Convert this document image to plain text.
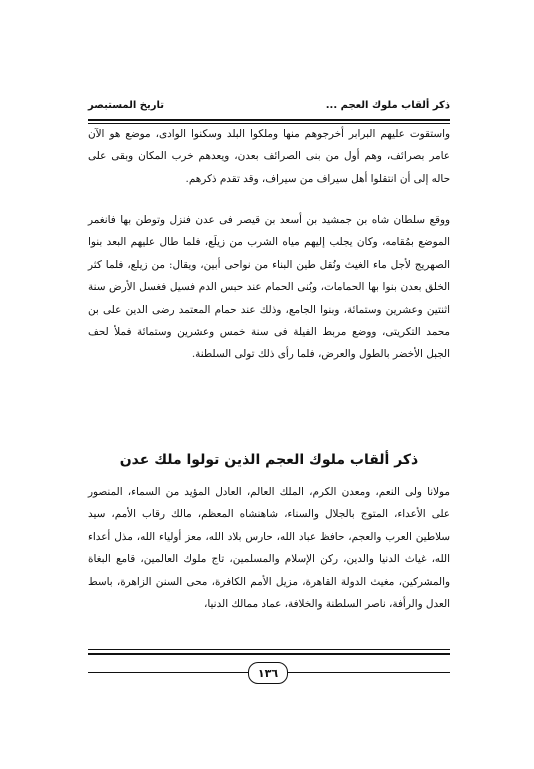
ذكر ألقاب ملوك العجم ...
تاريخ المستبصر

واستقوت عليهم البرابر أخرجوهم منها وملكوا البلد وسكنوا الوادى، موضع هو الآن عامر بصرائف، وهم أول من بنى الصرائف بعدن، ويعدهم خرب المكان وبقى على حاله إلى أن انتقلوا أهل سيراف من سيراف، وقد تقدم ذكرهم.

ووقع سلطان شاه بن جمشيد بن أسعد بن قيصر فى عدن فنزل وتوطن بها فانغمر الموضع بمُقامه، وكان يجلب إليهم مياه الشرب من زيلَع، فلما طال عليهم البعد بنوا الصهريج لأجل ماء الغيث ونُقل طين البناء من نواحى أبين، ويقال: من زيلع، فلما كثر الخلق بعدن بنوا بها الحمامات، وبُنى الحمام عند حبس الدم فسيل فغسل الأرض سنة اثنتين وعشرين وستمائة، وبنوا الجامع، وذلك عند حمام المعتمد رضى الدين على بن محمد التكريتى، ووضع مربط الفيلة فى سنة خمس وعشرين وستمائة فملأ لحف الجبل الأخضر بالطول والعرض، فلما رأى ذلك تولى السلطنة.

ذكر ألقاب ملوك العجم الذين تولوا ملك عدن

مولانا ولى النعم، ومعدن الكرم، الملك العالم، العادل المؤيد من السماء، المنصور على الأعداء، المتوج بالجلال والسناء، شاهنشاه المعظم، مالك رقاب الأمم، سيد سلاطين العرب والعجم، حافظ عباد الله، حارس بلاد الله، معز أولياء الله، مذل أعداء الله، غياث الدنيا والدين، ركن الإسلام والمسلمين، تاج ملوك العالمين، قامع البغاة والمشركين، مغيث الدولة القاهرة، مزيل الأمم الكافرة، محى السنن الزاهرة، باسط العدل والرأفة، ناصر السلطنة والخلافة، عماد ممالك الدنيا،

١٣٦
